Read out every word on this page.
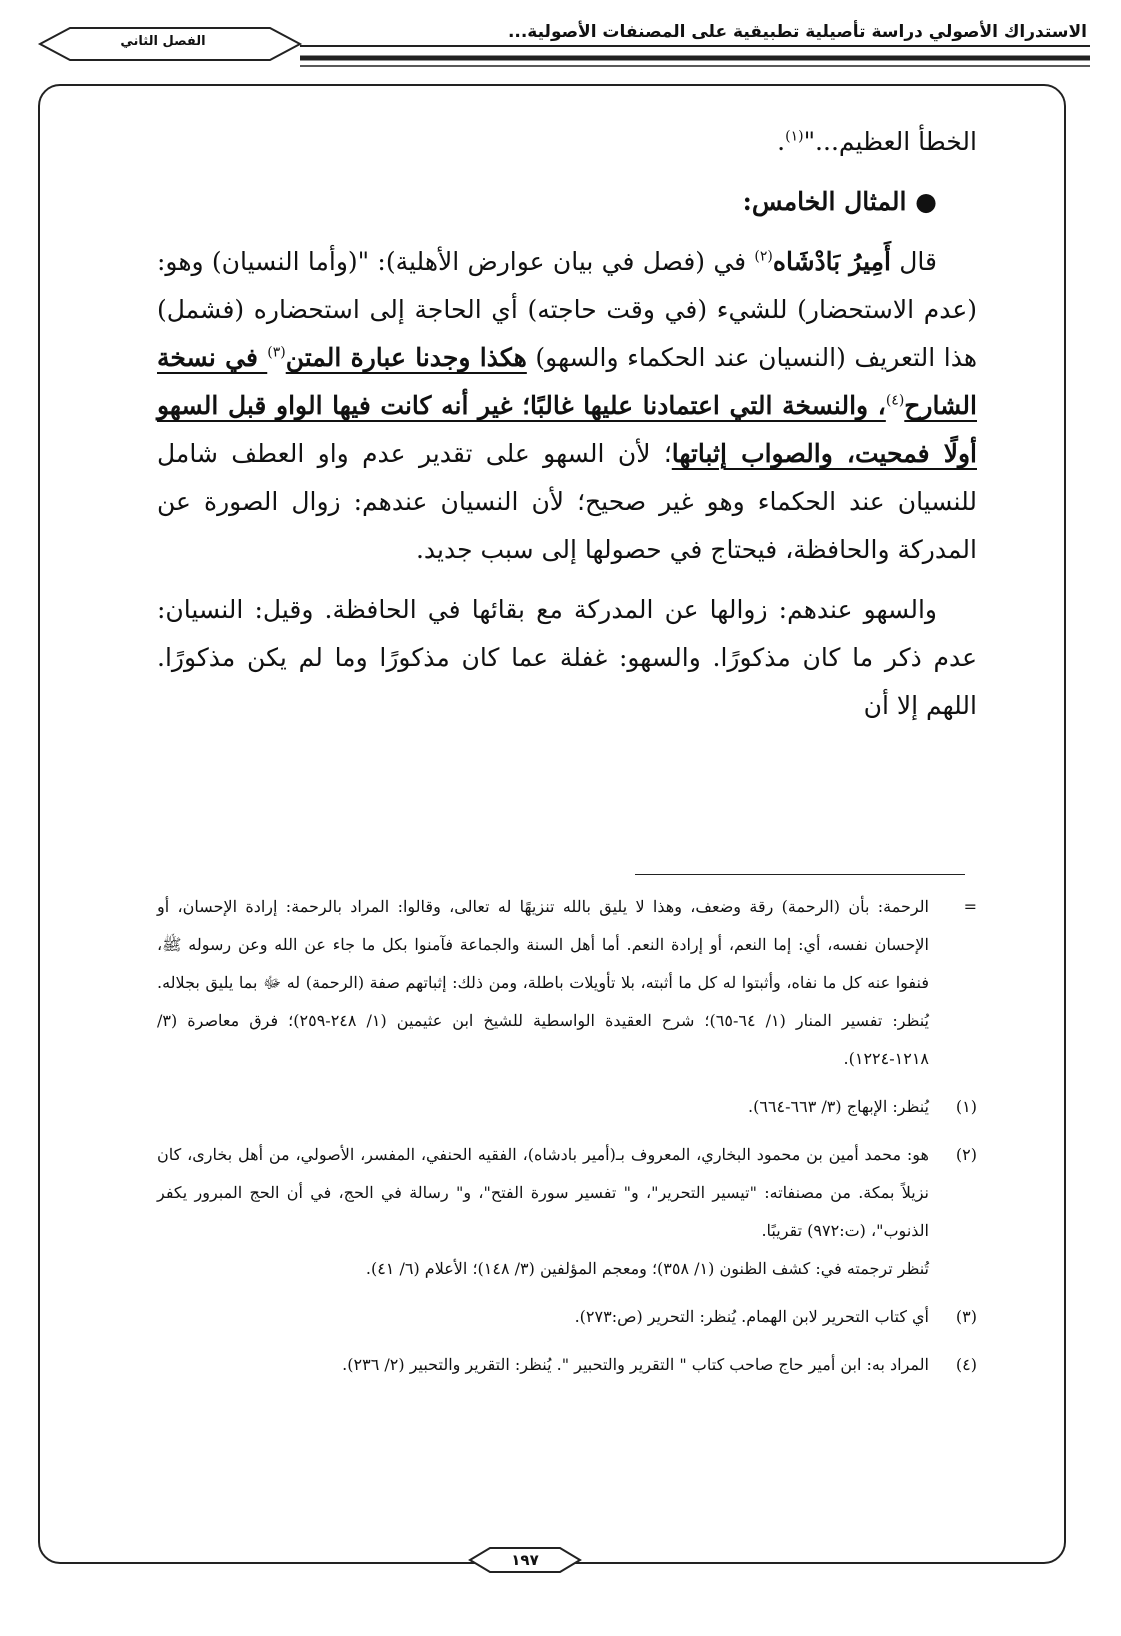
الاستدراك الأصولي دراسة تأصيلية تطبيقية على المصنفات الأصولية...
الفصل الثاني

الخطأ العظيم..."$^{(١)}$.

● المثال الخامس:

قال أَمِيرُ بَادْشَاه$^{(٢)}$ في (فصل في بيان عوارض الأهلية): "(وأما النسيان) وهو: (عدم الاستحضار) للشيء (في وقت حاجته) أي الحاجة إلى استحضاره (فشمل) هذا التعريف (النسيان عند الحكماء والسهو) هكذا وجدنا عبارة المتن$^{(٣)}$ في نسخة الشارح$^{(٤)}$، والنسخة التي اعتمادنا عليها غالبًا؛ غير أنه كانت فيها الواو قبل السهو أولًا فمحيت، والصواب إثباتها؛ لأن السهو على تقدير عدم واو العطف شامل للنسيان عند الحكماء وهو غير صحيح؛ لأن النسيان عندهم: زوال الصورة عن المدركة والحافظة، فيحتاج في حصولها إلى سبب جديد.

والسهو عندهم: زوالها عن المدركة مع بقائها في الحافظة. وقيل: النسيان: عدم ذكر ما كان مذكورًا. والسهو: غفلة عما كان مذكورًا وما لم يكن مذكورًا. اللهم إلا أن

=

الرحمة: بأن (الرحمة) رقة وضعف، وهذا لا يليق بالله تنزيهًا له تعالى، وقالوا: المراد بالرحمة: إرادة الإحسان، أو الإحسان نفسه، أي: إما النعم، أو إرادة النعم. أما أهل السنة والجماعة فآمنوا بكل ما جاء عن الله وعن رسوله ﷺ، فنفوا عنه كل ما نفاه، وأثبتوا له كل ما أثبته، بلا تأويلات باطلة، ومن ذلك: إثباتهم صفة (الرحمة) له ﷻ بما يليق بجلاله. يُنظر: تفسير المنار (١/ ٦٤-٦٥)؛ شرح العقيدة الواسطية للشيخ ابن عثيمين (١/ ٢٤٨-٢٥٩)؛ فرق معاصرة (٣/ ١٢١٨-١٢٢٤).

(١)

يُنظر: الإبهاج (٣/ ٦٦٣-٦٦٤).

(٢)

هو: محمد أمين بن محمود البخاري، المعروف بـ(أمير بادشاه)، الفقيه الحنفي، المفسر، الأصولي، من أهل بخارى، كان نزيلاً بمكة. من مصنفاته: "تيسير التحرير"، و" تفسير سورة الفتح"، و" رسالة في الحج، في أن الحج المبرور يكفر الذنوب"، (ت:٩٧٢) تقريبًا.

تُنظر ترجمته في: كشف الظنون (١/ ٣٥٨)؛ ومعجم المؤلفين (٣/ ١٤٨)؛ الأعلام (٦/ ٤١).

(٣)

أي كتاب التحرير لابن الهمام. يُنظر: التحرير (ص:٢٧٣).

(٤)

المراد به: ابن أمير حاج صاحب كتاب " التقرير والتحبير ". يُنظر: التقرير والتحبير (٢/ ٢٣٦).

١٩٧
